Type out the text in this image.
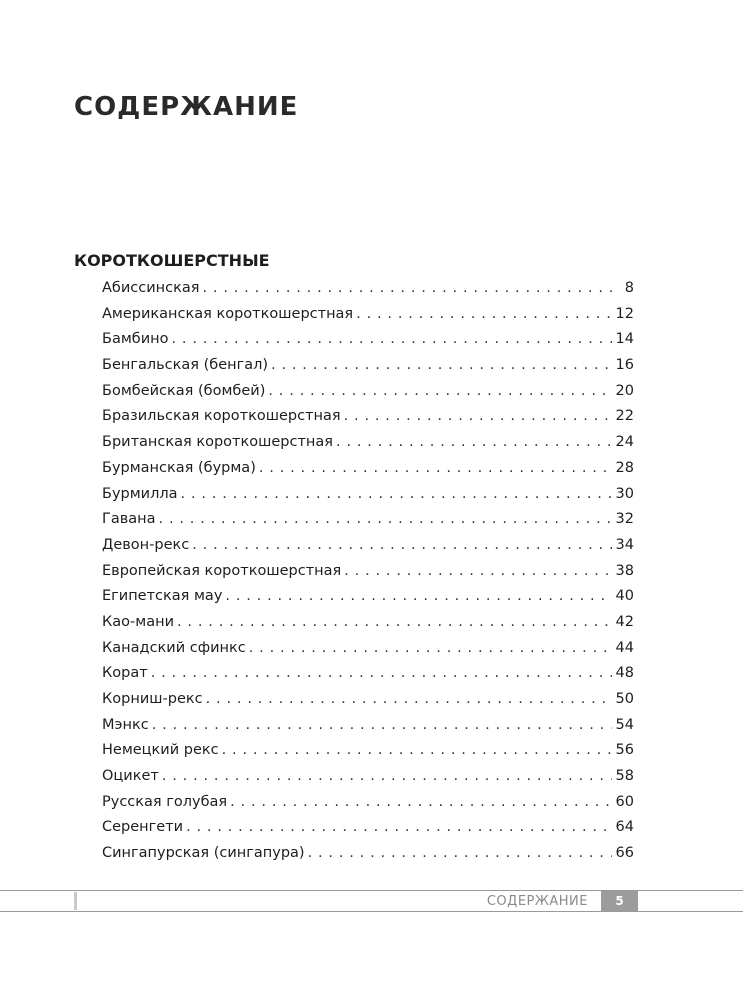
СОДЕРЖАНИЕ
КОРОТКОШЕРСТНЫЕ
Абиссинская . . .	8
Американская короткошерстная . . .	12
Бамбино . . .	14
Бенгальская (бенгал) . . .	16
Бомбейская (бомбей) . . .	20
Бразильская короткошерстная . . .	22
Британская короткошерстная . . .	24
Бурманская (бурма) . . .	28
Бурмилла . . .	30
Гавана . . .	32
Девон-рекс . . .	34
Европейская короткошерстная . . .	38
Египетская мау . . .	40
Као-мани . . .	42
Канадский сфинкс . . .	44
Корат . . .	48
Корниш-рекс . . .	50
Мэнкс . . .	54
Немецкий рекс . . .	56
Оцикет . . .	58
Русская голубая . . .	60
Серенгети . . .	64
Сингапурская (сингапура) . . .	66
СОДЕРЖАНИЕ	5
